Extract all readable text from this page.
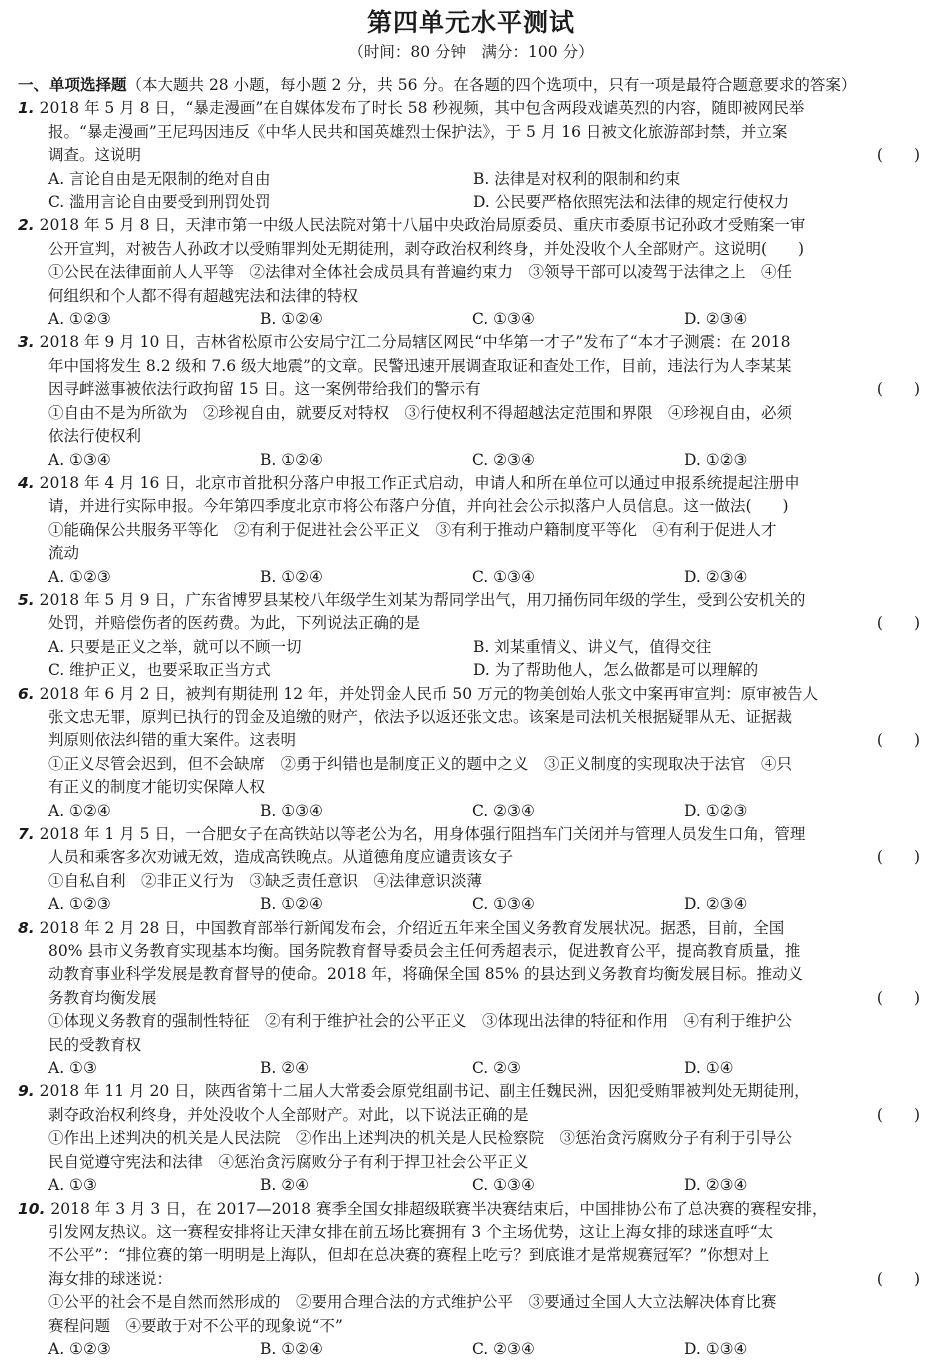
第四单元水平测试
（时间：80 分钟　满分：100 分）
一、单项选择题（本大题共 28 小题，每小题 2 分，共 56 分。在各题的四个选项中，只有一项是最符合题意要求的答案）
1. 2018 年 5 月 8 日，“暴走漫画”在自媒体发布了时长 58 秒视频，其中包含两段戏谑英烈的内容，随即被网民举
报。“暴走漫画”王尼玛因违反《中华人民共和国英雄烈士保护法》，于 5 月 16 日被文化旅游部封禁，并立案
调查。这说明	(　　)
A. 言论自由是无限制的绝对自由	B. 法律是对权利的限制和约束
C. 滥用言论自由要受到刑罚处罚	D. 公民要严格依照宪法和法律的规定行使权力
2. 2018 年 5 月 8 日，天津市第一中级人民法院对第十八届中央政治局原委员、重庆市委原书记孙政才受贿案一审
公开宣判，对被告人孙政才以受贿罪判处无期徒刑，剥夺政治权利终身，并处没收个人全部财产。这说明(　　)
①公民在法律面前人人平等　②法律对全体社会成员具有普遍约束力　③领导干部可以凌驾于法律之上　④任
何组织和个人都不得有超越宪法和法律的特权
A. ①②③	B. ①②④	C. ①③④	D. ②③④
3. 2018 年 9 月 10 日，吉林省松原市公安局宁江二分局辖区网民“中华第一才子”发布了“本才子测震：在 2018
年中国将发生 8.2 级和 7.6 级大地震”的文章。民警迅速开展调查取证和查处工作，目前，违法行为人李某某
因寻衅滋事被依法行政拘留 15 日。这一案例带给我们的警示有	(　　)
①自由不是为所欲为　②珍视自由，就要反对特权　③行使权利不得超越法定范围和界限　④珍视自由，必须
依法行使权利
A. ①③④	B. ①②④	C. ②③④	D. ①②③
4. 2018 年 4 月 16 日，北京市首批积分落户申报工作正式启动，申请人和所在单位可以通过申报系统提起注册申
请，并进行实际申报。今年第四季度北京市将公布落户分值，并向社会公示拟落户人员信息。这一做法(　　)
①能确保公共服务平等化　②有利于促进社会公平正义　③有利于推动户籍制度平等化　④有利于促进人才
流动
A. ①②③	B. ①②④	C. ①③④	D. ②③④
5. 2018 年 5 月 9 日，广东省博罗县某校八年级学生刘某为帮同学出气，用刀捅伤同年级的学生，受到公安机关的
处罚，并赔偿伤者的医药费。为此，下列说法正确的是	(　　)
A. 只要是正义之举，就可以不顾一切	B. 刘某重情义、讲义气，值得交往
C. 维护正义，也要采取正当方式	D. 为了帮助他人，怎么做都是可以理解的
6. 2018 年 6 月 2 日，被判有期徒刑 12 年，并处罚金人民币 50 万元的物美创始人张文中案再审宣判：原审被告人
张文忠无罪，原判已执行的罚金及追缴的财产，依法予以返还张文忠。该案是司法机关根据疑罪从无、证据裁
判原则依法纠错的重大案件。这表明	(　　)
①正义尽管会迟到，但不会缺席　②勇于纠错也是制度正义的题中之义　③正义制度的实现取决于法官　④只
有正义的制度才能切实保障人权
A. ①②④	B. ①③④	C. ②③④	D. ①②③
7. 2018 年 1 月 5 日，一合肥女子在高铁站以等老公为名，用身体强行阻挡车门关闭并与管理人员发生口角，管理
人员和乘客多次劝诫无效，造成高铁晚点。从道德角度应谴责该女子	(　　)
①自私自利　②非正义行为　③缺乏责任意识　④法律意识淡薄
A. ①②③	B. ①②④	C. ①③④	D. ②③④
8. 2018 年 2 月 28 日，中国教育部举行新闻发布会，介绍近五年来全国义务教育发展状况。据悉，目前，全国
80% 县市义务教育实现基本均衡。国务院教育督导委员会主任何秀超表示，促进教育公平，提高教育质量，推
动教育事业科学发展是教育督导的使命。2018 年，将确保全国 85% 的县达到义务教育均衡发展目标。推动义
务教育均衡发展	(　　)
①体现义务教育的强制性特征　②有利于维护社会的公平正义　③体现出法律的特征和作用　④有利于维护公
民的受教育权
A. ①③	B. ②④	C. ②③	D. ①④
9. 2018 年 11 月 20 日，陕西省第十二届人大常委会原党组副书记、副主任魏民洲，因犯受贿罪被判处无期徒刑，
剥夺政治权利终身，并处没收个人全部财产。对此，以下说法正确的是	(　　)
①作出上述判决的机关是人民法院　②作出上述判决的机关是人民检察院　③惩治贪污腐败分子有利于引导公
民自觉遵守宪法和法律　④惩治贪污腐败分子有利于捍卫社会公平正义
A. ①③	B. ②④	C. ①③④	D. ②③④
10. 2018 年 3 月 3 日，在 2017—2018 赛季全国女排超级联赛半决赛结束后，中国排协公布了总决赛的赛程安排，
引发网友热议。这一赛程安排将让天津女排在前五场比赛拥有 3 个主场优势，这让上海女排的球迷直呼“太
不公平”：“排位赛的第一明明是上海队，但却在总决赛的赛程上吃亏？到底谁才是常规赛冠军？”你想对上
海女排的球迷说：	(　　)
①公平的社会不是自然而然形成的　②要用合理合法的方式维护公平　③要通过全国人大立法解决体育比赛
赛程问题　④要敢于对不公平的现象说“不”
A. ①②③	B. ①②④	C. ②③④	D. ①③④
